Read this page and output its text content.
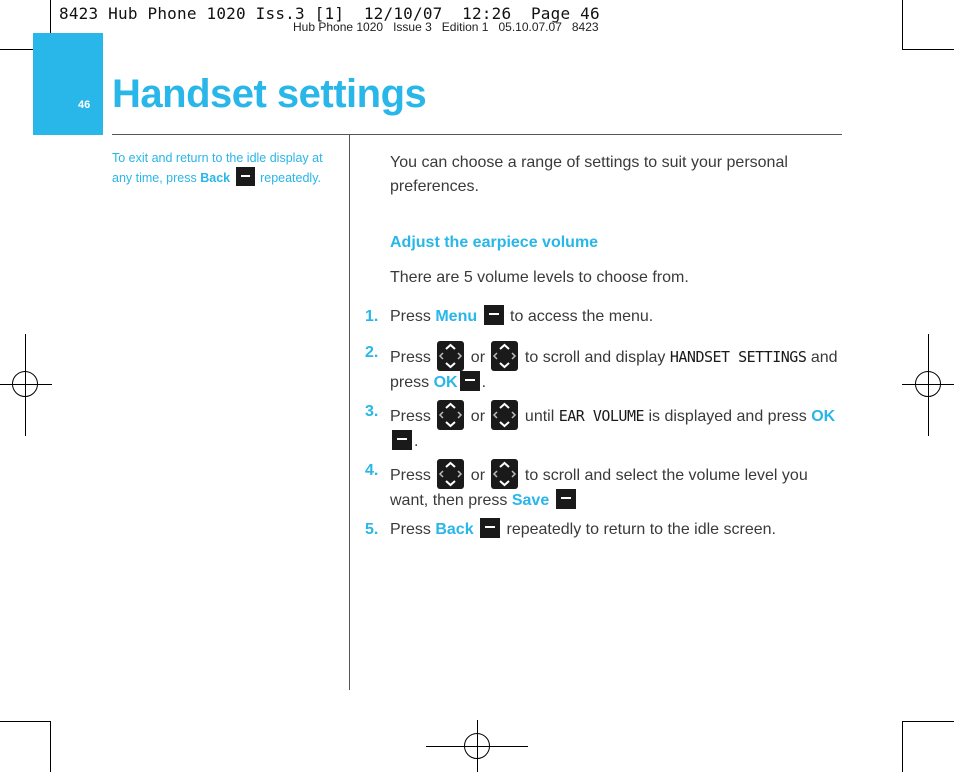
Hub Phone 1020   Issue 3   Edition 1   05.10.07.07   8423
8423 Hub Phone 1020 Iss.3 [1]  12/10/07  12:26  Page 46
46 Handset settings
To exit and return to the idle display at any time, press Back  repeatedly.
You can choose a range of settings to suit your personal preferences.
Adjust the earpiece volume
There are 5 volume levels to choose from.
1. Press Menu  to access the menu.
2. Press
or
to scroll and display HANDSET SETTINGS and press OK .
3. Press
or
until EAR VOLUME is displayed and press OK.
4. Press
or
to scroll and select the volume level you want, then press Save
5. Press Back  repeatedly to return to the idle screen.
